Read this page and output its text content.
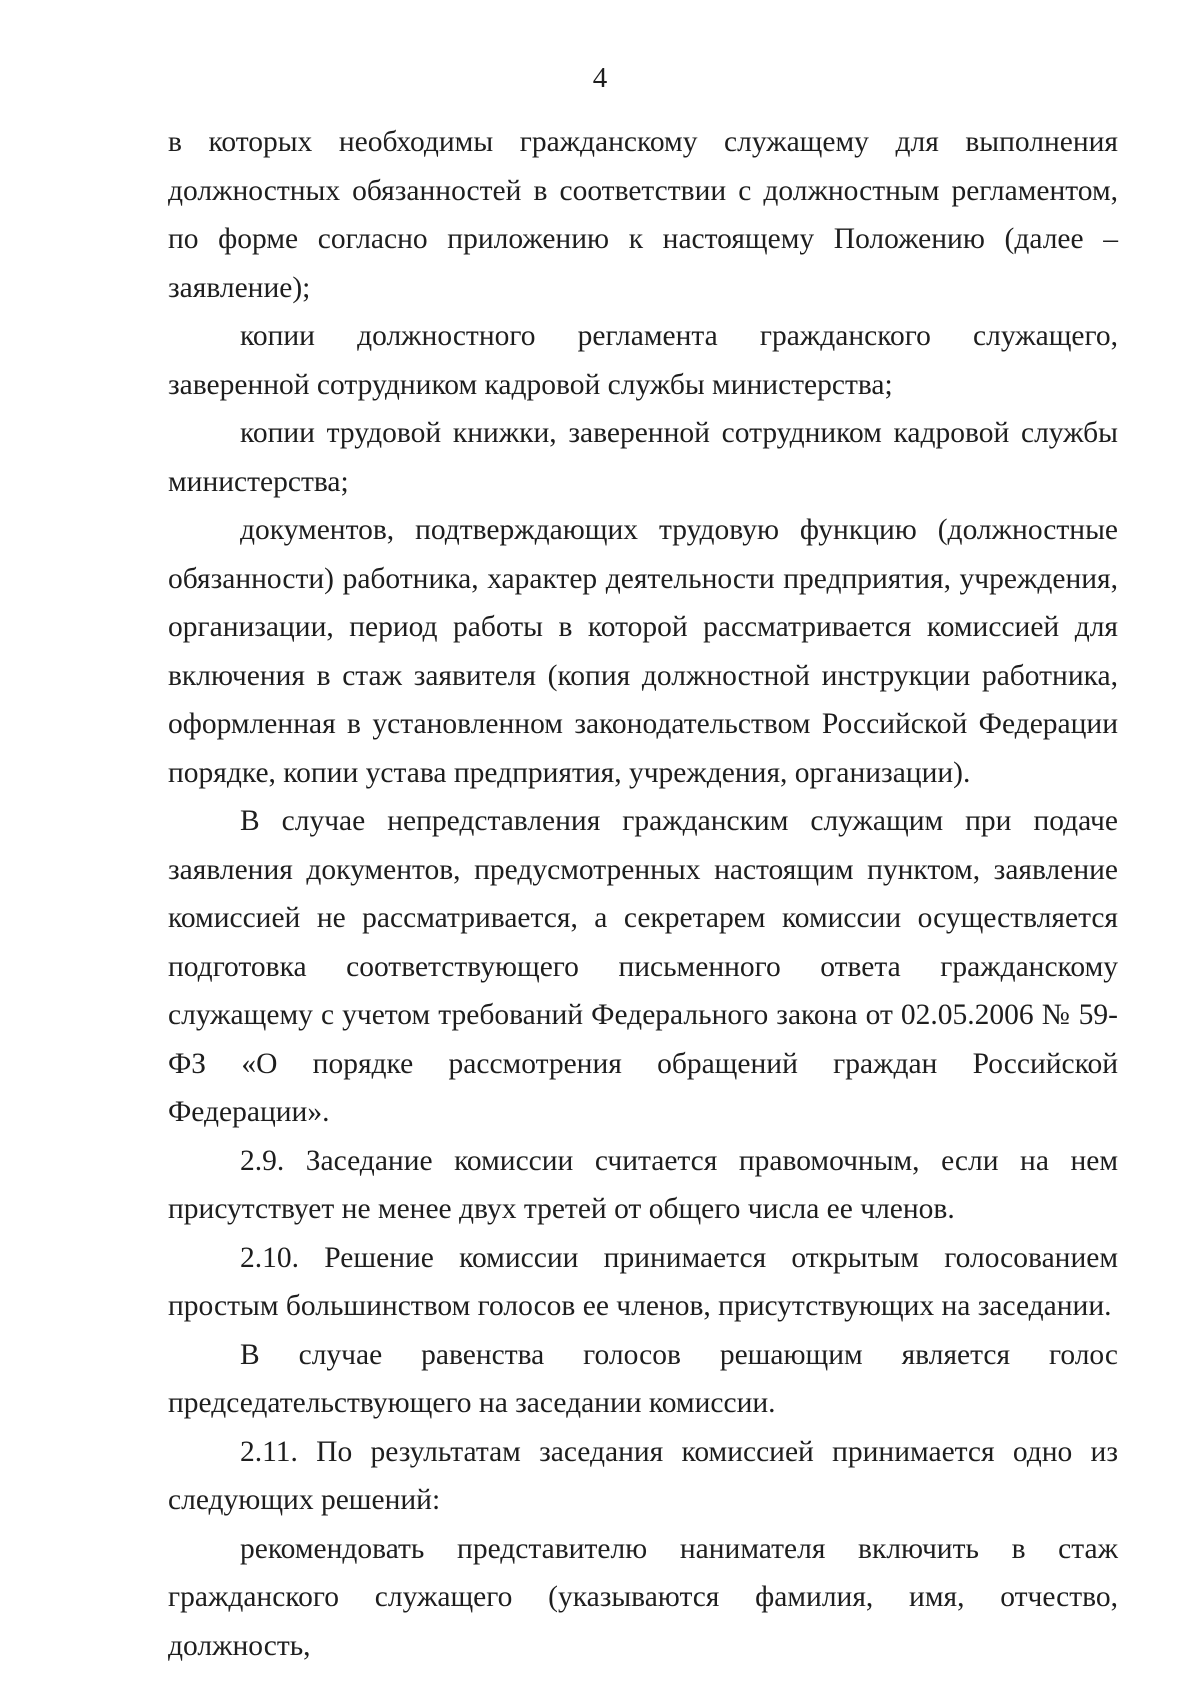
4

в которых необходимы гражданскому служащему для выполнения должностных обязанностей в соответствии с должностным регламентом, по форме согласно приложению к настоящему Положению (далее – заявление);

копии должностного регламента гражданского служащего, заверенной сотрудником кадровой службы министерства;

копии трудовой книжки, заверенной сотрудником кадровой службы министерства;

документов, подтверждающих трудовую функцию (должностные обязанности) работника, характер деятельности предприятия, учреждения, организации, период работы в которой рассматривается комиссией для включения в стаж заявителя (копия должностной инструкции работника, оформленная в установленном законодательством Российской Федерации порядке, копии устава предприятия, учреждения, организации).

В случае непредставления гражданским служащим при подаче заявления документов, предусмотренных настоящим пунктом, заявление комиссией не рассматривается, а секретарем комиссии осуществляется подготовка соответствующего письменного ответа гражданскому служащему с учетом требований Федерального закона от 02.05.2006 № 59-ФЗ «О порядке рассмотрения обращений граждан Российской Федерации».

2.9. Заседание комиссии считается правомочным, если на нем присутствует не менее двух третей от общего числа ее членов.

2.10. Решение комиссии принимается открытым голосованием простым большинством голосов ее членов, присутствующих на заседании.

В случае равенства голосов решающим является голос председательствующего на заседании комиссии.

2.11. По результатам заседания комиссией принимается одно из следующих решений:

рекомендовать представителю нанимателя включить в стаж гражданского служащего (указываются фамилия, имя, отчество, должность,
